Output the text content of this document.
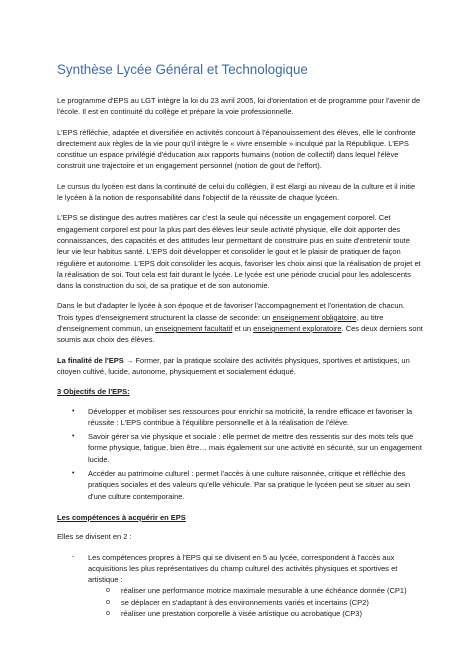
Synthèse Lycée Général et Technologique

Le programme d'EPS au LGT intègre la loi du 23 avril 2005, loi d'orientation et de programme pour l'avenir de l'école. Il est en continuité du collège et prépare la voie professionnelle.

L'EPS réfléchie, adaptée et diversifiée en activités concourt à l'épanouissement des élèves, elle le confronte directement aux règles de la vie pour qu'il intègre le « vivre ensemble » inculqué par la République. L'EPS constitue un espace privilégié d'éducation aux rapports humains (notion de collectif) dans lequel l'élève construit une trajectoire et un engagement personnel (notion de gout de l'effort).

Le cursus du lycéen est dans la continuité de celui du collégien, il est élargi au niveau de la culture et il initie le lycéen à la notion de responsabilité dans l'objectif de la réussite de chaque lycéen.

L'EPS se distingue des autres matières car c'est la seule qui nécessite un engagement corporel. Cet engagement corporel est pour la plus part des élèves leur seule activité physique, elle doit apporter des connaissances, des capacités et des attitudes leur permettant de construire puis en suite d'entretenir toute leur vie leur habitus santé. L'EPS doit développer et consolider le gout et le plaisir de pratiquer de façon régulière et autonome. L'EPS doit consolider les acquis, favoriser les choix ainsi que la réalisation de projet et la réalisation de soi. Tout cela est fait durant le lycée. Le lycée est une période crucial pour les adolescents dans la construction du soi, de sa pratique et de son autonomie.

Dans le but d'adapter le lycée à son époque et de favoriser l'accompagnement et l'orientation de chacun. Trois types d'enseignement structurent la classe de seconde: un enseignement obligatoire, au titre d'enseignement commun, un enseignement facultatif et un enseignement exploratoire. Ces deux derniers sont soumis aux choix des élèves.

La finalité de l'EPS → Former, par la pratique scolaire des activités physiques, sportives et artistiques, un citoyen cultivé, lucide, autonome, physiquement et socialement éduqué.

3 Objectifs de l'EPS:
• Développer et mobiliser ses ressources pour enrichir sa motricité, la rendre efficace et favoriser la réussite : L'EPS contribue à l'équilibre personnelle et à la réalisation de l'élève.
• Savoir gérer sa vie physique et sociale : elle permet de mettre des ressentis sur des mots tels que forme physique, fatigue, bien être… mais également sur une activité en sécurité, sur un engagement lucide.
• Accéder au patrimoine culturel : permet l'accès à une culture raisonnée, critique et réfléchie des pratiques sociales et des valeurs qu'elle véhicule. Par sa pratique le lycéen peut se situer au sein d'une culture contemporaine.
Les compétences à acquérir en EPS

Elles se divisent en 2 :

- Les compétences propres à l'EPS qui se divisent en 5 au lycée, correspondent à l'accès aux acquisitions les plus représentatives du champ culturel des activités physiques et sportives et artistique :
o réaliser une performance motrice maximale mesurable à une échéance donnée (CP1)
o se déplacer en s'adaptant à des environnements variés et incertains (CP2)
o réaliser une prestation corporelle à visée artistique ou acrobatique (CP3)
